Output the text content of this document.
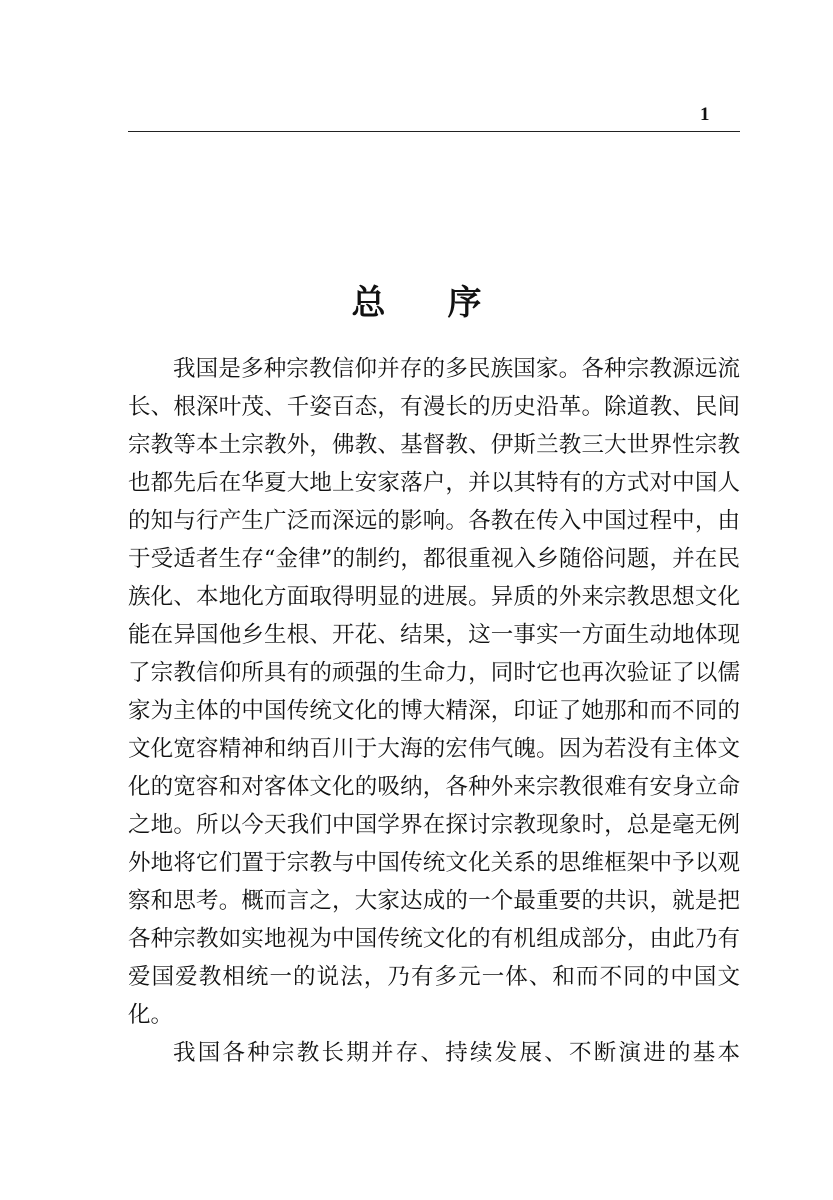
1
总序

我国是多种宗教信仰并存的多民族国家。各种宗教源远流长、根深叶茂、千姿百态，有漫长的历史沿革。除道教、民间宗教等本土宗教外，佛教、基督教、伊斯兰教三大世界性宗教也都先后在华夏大地上安家落户，并以其特有的方式对中国人的知与行产生广泛而深远的影响。各教在传入中国过程中，由于受适者生存“金律”的制约，都很重视入乡随俗问题，并在民族化、本地化方面取得明显的进展。异质的外来宗教思想文化能在异国他乡生根、开花、结果，这一事实一方面生动地体现了宗教信仰所具有的顽强的生命力，同时它也再次验证了以儒家为主体的中国传统文化的博大精深，印证了她那和而不同的文化宽容精神和纳百川于大海的宏伟气魄。因为若没有主体文化的宽容和对客体文化的吸纳，各种外来宗教很难有安身立命之地。所以今天我们中国学界在探讨宗教现象时，总是毫无例外地将它们置于宗教与中国传统文化关系的思维框架中予以观察和思考。概而言之，大家达成的一个最重要的共识，就是把各种宗教如实地视为中国传统文化的有机组成部分，由此乃有爱国爱教相统一的说法，乃有多元一体、和而不同的中国文化。

我国各种宗教长期并存、持续发展、不断演进的基本
